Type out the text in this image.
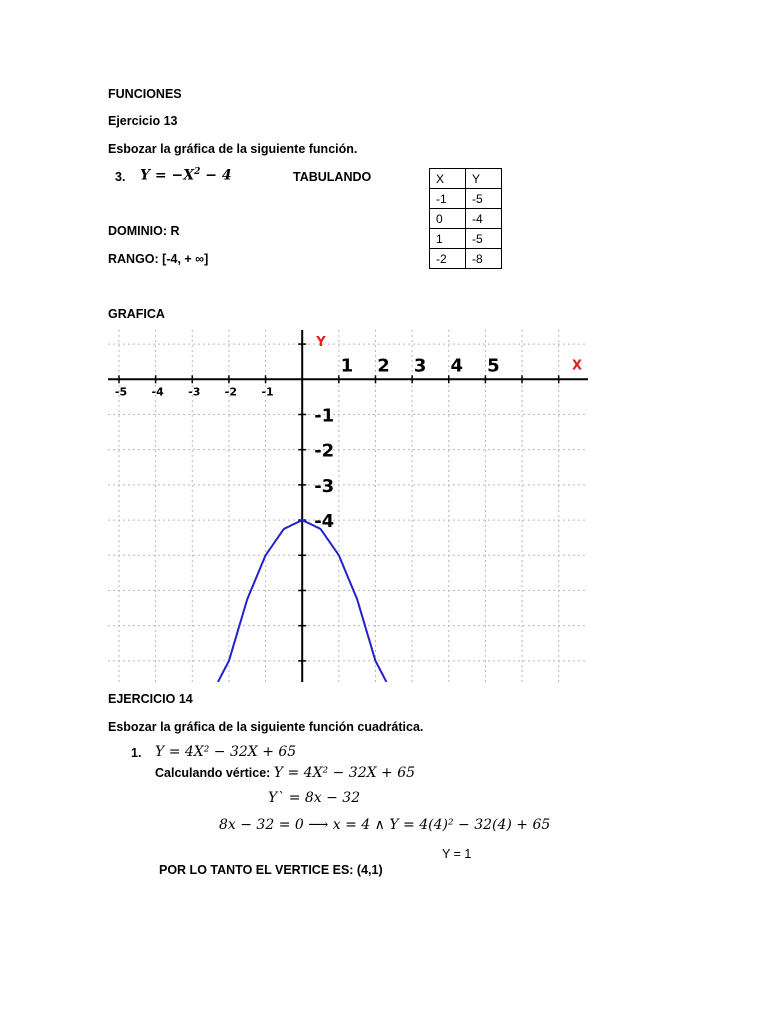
FUNCIONES
Ejercicio 13
Esbozar la gráfica de la siguiente función.
3. $Y = -X^2 - 4$	TABULANDO	X	Y
-1	-5
0	-4
1	-5
-2	-8
DOMINIO: R
RANGO: [-4, + ∞]
GRAFICA
1 2 3 4 5
-5 -4 -3 -2 -1
-1
-2
-3
-4
Y
X
EJERCICIO 14
Esbozar la gráfica de la siguiente función cuadrática.
1. Y = 4X² − 32X + 65
Calculando vértice: Y = 4X² − 32X + 65
Y` = 8x − 32
8x − 32 = 0 ⟶ x = 4 ∧ Y = 4(4)² − 32(4) + 65
Y = 1
POR LO TANTO EL VERTICE ES: (4,1)
